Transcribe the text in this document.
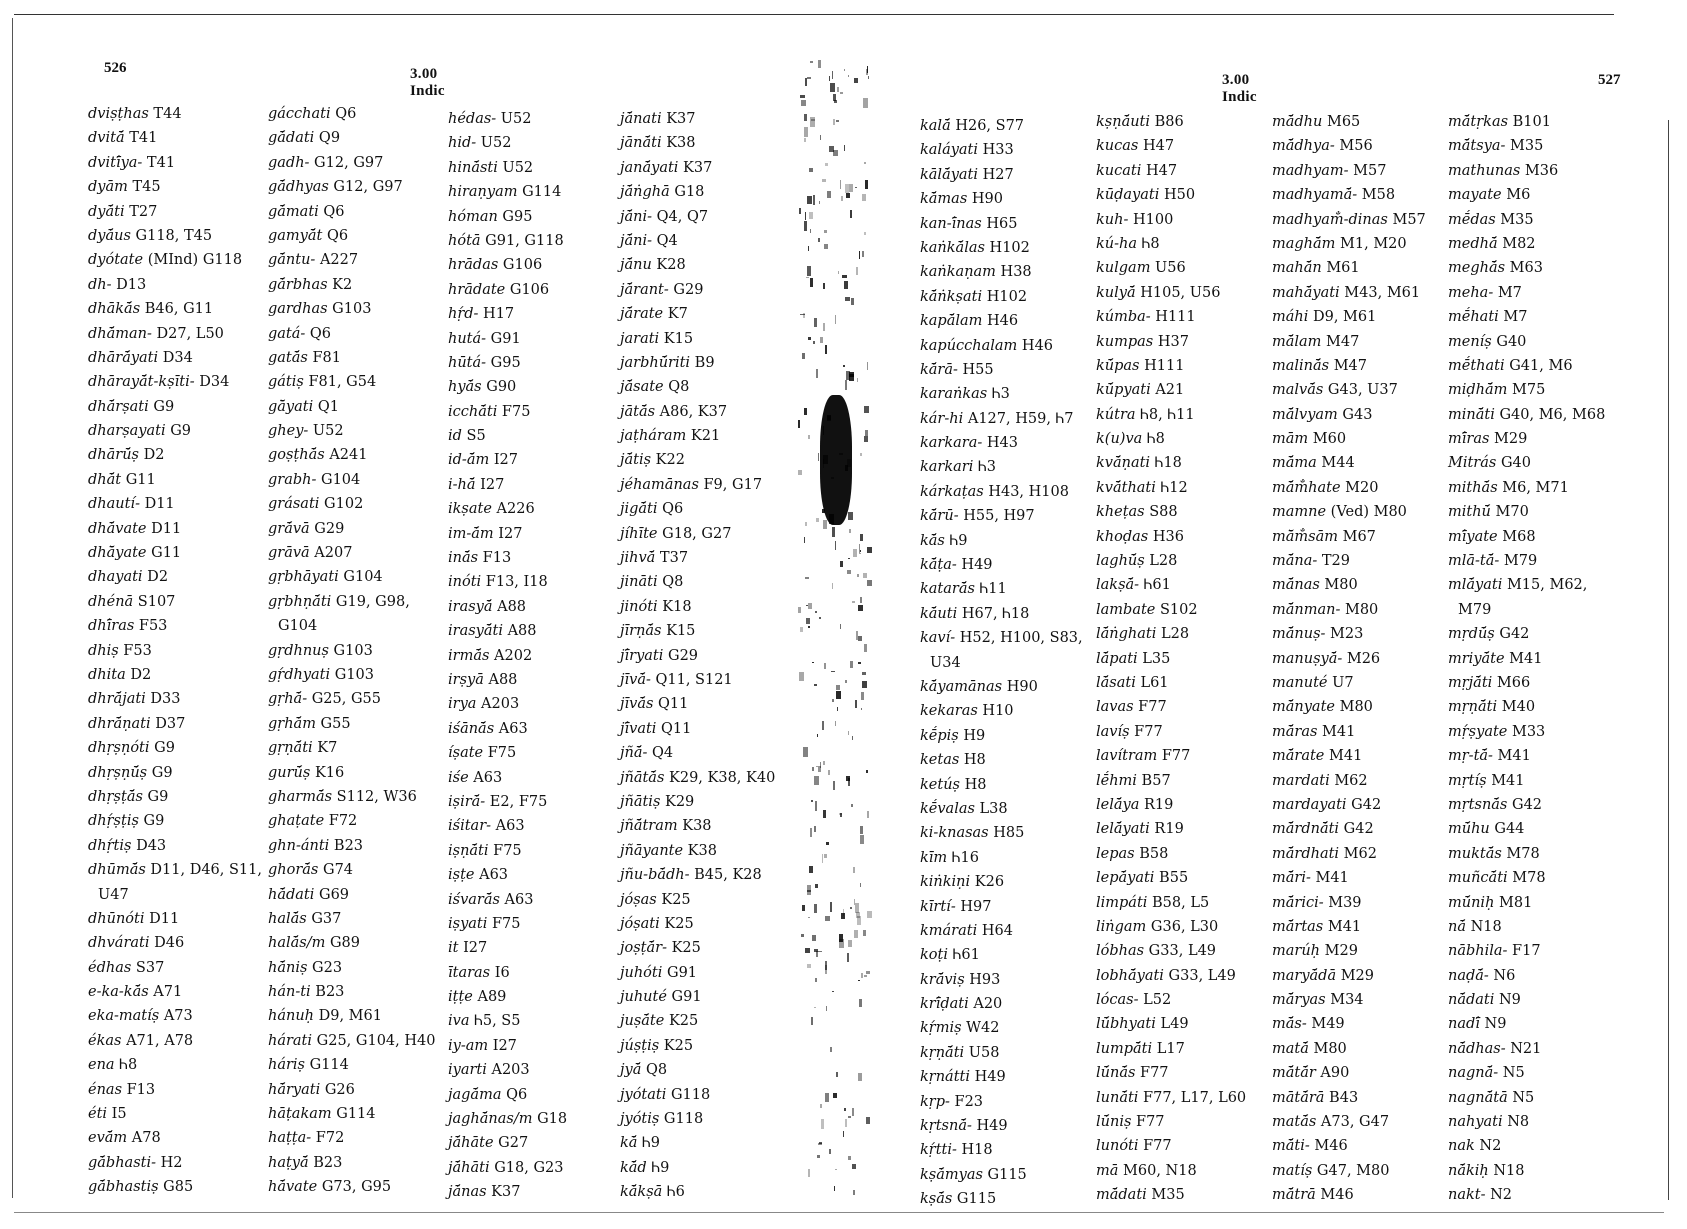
526	3.00 Indic
dviṣṭhas T44
dvitā́ T41
dvitī́ya- T41
dyām T45
dyā́ti T27
dyā́us G118, T45
dyótate (MInd) G118
dh- D13
dhākā́s B46, G11
dhā́man- D27, L50
dhārā́yati D34
dhārayā́t-kṣīti- D34
dhā́rṣati G9
dharṣayati G9
dhārū́ṣ D2
dhā́t G11
dhautí- D11
dhā́vate D11
dhā̆yate G11
dhayati D2
dhénā S107
dhī́ras F53
dhiṣ F53
dhita D2
dhrā́jati D33
dhrā́ṇati D37
dhṛṣṇóti G9
dhṛṣṇū́ṣ G9
dhṛṣṭā́s G9
dhṛ́ṣṭiṣ G9
dhṛ́tiṣ D43
dhūmā́s D11, D46, S11,
U47
dhūnóti D11
dhvárati D46
édhas S37
e-ka-kā́s A71
eka-matíṣ A73
ékas A71, A78
ena Ꮒ8
énas F13
éti I5
evā́m A78
gā́bhasti- H2
gā́bhastiṣ G85
gácchati Q6
gā́dati Q9
gadh- G12, G97
gā́dhyas G12, G97
gā́mati Q6
gamyā́t Q6
gā́ntu- A227
gā́rbhas K2
gardhas G103
gatá- Q6
gatā́s F81
gátiṣ F81, G54
gā̆yati Q1
ghey- U52
goṣṭhā́s A241
grabh- G104
grásati G102
grā́vā G29
grāvā A207
gṛbhāyati G104
gṛbhṇā́ti G19, G98,
G104
gṛdhnuṣ G103
gṛ́dhyati G103
gṛhā́- G25, G55
gṛhā́m G55
gṛṇā́ti K7
gurū́ṣ K16
gharmā́s S112, W36
ghaṭate F72
ghn-ánti B23
ghorā́s G74
hā́dati G69
halā́s G37
halā́s/m G89
hā́niṣ G23
hán-ti B23
hánuḥ D9, M61
hárati G25, G104, H40
háriṣ G114
hā́ryati G26
hāṭakam G114
haṭṭa- F72
haṭyā́ B23
hā́vate G73, G95
hédas- U52
hid- U52
hinā́sti U52
hiraṇyam G114
hóman G95
hótā G91, G118
hrādas G106
hrādate G106
hṛ́d- H17
hutá- G91
hūtá- G95
hyā́s G90
icchā́ti F75
id S5
id-ā́m I27
i-hā́ I27
ikṣate A226
im-ā́m I27
inā́s F13
inóti F13, I18
irasyā́ A88
irasyā́ti A88
irmā́s A202
irṣyā A88
irya A203
iśānā́s A63
íṣate F75
iśe A63
iṣirā́- E2, F75
iśitar- A63
iṣṇā́ti F75
iṣṭe A63
iśvarā́s A63
iṣyati F75
it I27
ītaras I6
iṭṭe A89
iva Ꮒ5, S5
iy-am I27
iyarti A203
jagā́ma Q6
jaghā́nas/m G18
jā́hāte G27
jā́hāti G18, G23
jā́nas K37
jā́nati K37
jānā́ti K38
janā́yati K37
jā́ṅghā G18
jā́ni- Q4, Q7
jā́ni- Q4
jā́nu K28
jā́rant- G29
jā́rate K7
jarati K15
jarbhū́riti B9
jā́sate Q8
jātā́s A86, K37
jaṭháram K21
jā́tiṣ K22
jéhamānas F9, G17
jigā́ti Q6
jíhīte G18, G27
jihvā́ T37
jināti Q8
jinóti K18
jīrṇā́s K15
jī́ryati G29
jīvā́- Q11, S121
jīvā́s Q11
jī́vati Q11
jñā́- Q4
jñātā́s K29, K38, K40
jñātiṣ K29
jñā́tram K38
jñāyante K38
jñu-bā́dh- B45, K28
jóṣas K25
jóṣati K25
joṣṭā́r- K25
juhóti G91
juhuté G91
juṣā́te K25
júṣṭiṣ K25
jyā́ Q8
jyótati G118
jyótiṣ G118
kā́ Ꮒ9
kā́d Ꮒ9
kā́kṣā Ꮒ6
527
3.00 Indic
kalā́ H26, S77
kaláyati H33
kālā́yati H27
kā́mas H90
kan-ī́nas H65
kaṅkā́las H102
kaṅkaṇam H38
kā́ṅkṣati H102
kapā́lam H46
kapúcchalam H46
kā́rā- H55
karaṅkas Ꮒ3
kár-hi A127, H59, Ꮒ7
karkara- H43
karkari Ꮒ3
kárkaṭas H43, H108
kā́rū- H55, H97
kā́s Ꮒ9
kā́ṭa- H49
katarā́s Ꮒ11
kā́uti H67, Ꮒ18
kaví- H52, H100, S83,
U34
kā́yamānas H90
kekaras H10
kḗpiṣ H9
ketas H8
ketúṣ H8
kḗvalas L38
ki-knasas H85
kīm Ꮒ16
kiṅkiṇi K26
kīrtí- H97
kmárati H64
koṭi Ꮒ61
krā́viṣ H93
krī́ḍati A20
kṛ́miṣ W42
kṛṇā́ti U58
kṛnátti H49
kṛp- F23
kṛtsnā́- H49
kṛ́tti- H18
kṣā́myas G115
kṣā́s G115
kṣṇā́uti B86
kucas H47
kucati H47
kūḍayati H50
kuh- H100
kú-ha Ꮒ8
kulgam U56
kulyā́ H105, U56
kúmba- H111
kumpas H37
kū́pas H111
kū́pyati A21
kútra Ꮒ8, Ꮒ11
k(u)va Ꮒ8
kvā́ṇati Ꮒ18
kvā́thati Ꮒ12
kheṭas S88
khoḍas H36
laghū́ṣ L28
lakṣā́- Ꮒ61
lambate S102
lā́ṅghati L28
lā́pati L35
lā́sati L61
lavas F77
lavíṣ F77
lavítram F77
lḗhmi B57
lelā́ya R19
lelā́yati R19
lepas B58
lepā́yati B55
limpáti B58, L5
liṅgam G36, L30
lóbhas G33, L49
lobhā́yati G33, L49
lócas- L52
lū́bhyati L49
lumpā́ti L17
lū́nā́s F77
lunā́ti F77, L17, L60
lū́niṣ F77
lunóti F77
mā M60, N18
mā́dati M35
mā́dhu M65
mā́dhya- M56
madhyam- M57
madhyamā́- M58
madhyam̐-dinas M57
maghā́m M1, M20
mahā́n M61
mahā́yati M43, M61
máhi D9, M61
mā́lam M47
malinā́s M47
malvā́s G43, U37
mā́lvyam G43
mām M60
mā́ma M44
mā́m̐hate M20
mamne (Ved) M80
mā̆m̐sām M67
mā́na- T29
mā́nas M80
mā́nman- M80
mā́nuṣ- M23
manuṣyā́- M26
manuté U7
mā́nyate M80
mā́ras M41
mā́rate M41
mardati M62
mardayati G42
mā́rdnā́ti G42
mā́rdhati M62
mā́ri- M41
mā́rici- M39
mā́rtas M41
marúḥ M29
maryā́dā M29
mā́ryas M34
mā́s- M49
matā́ M80
mā́tā́r A90
mātā́rā B43
matā́s A73, G47
mā́ti- M46
matíṣ G47, M80
mā́trā M46
mā́tṛkas B101
mā́tsya- M35
mathunas M36
mayate M6
mḗdas M35
medhā́ M82
meghā́s M63
meha- M7
mḗhati M7
meníṣ G40
mḗthati G41, M6
miḍhā́m M75
minā́ti G40, M6, M68
mī́ras M29
Mitrás G40
mithā́s M6, M71
mithū́ M70
mī́yate M68
mlā-tā́- M79
mlā́yati M15, M62,
M79
mṛdū́ṣ G42
mriyā́te M41
mṛjā́ti M66
mṛṇā́ti M40
mṛ́ṣyate M33
mṛ-tā́- M41
mṛtíṣ M41
mṛtsnā́s G42
mū́hu G44
muktā́s M78
muñcā́ti M78
mū́niḥ M81
nā́ N18
nābhila- F17
naḍā́- N6
nā́dati N9
nadī́ N9
nā́dhas- N21
nagnā́- N5
nagnā́tā N5
nahyati N8
nak N2
nā́kiḥ N18
nakt- N2
